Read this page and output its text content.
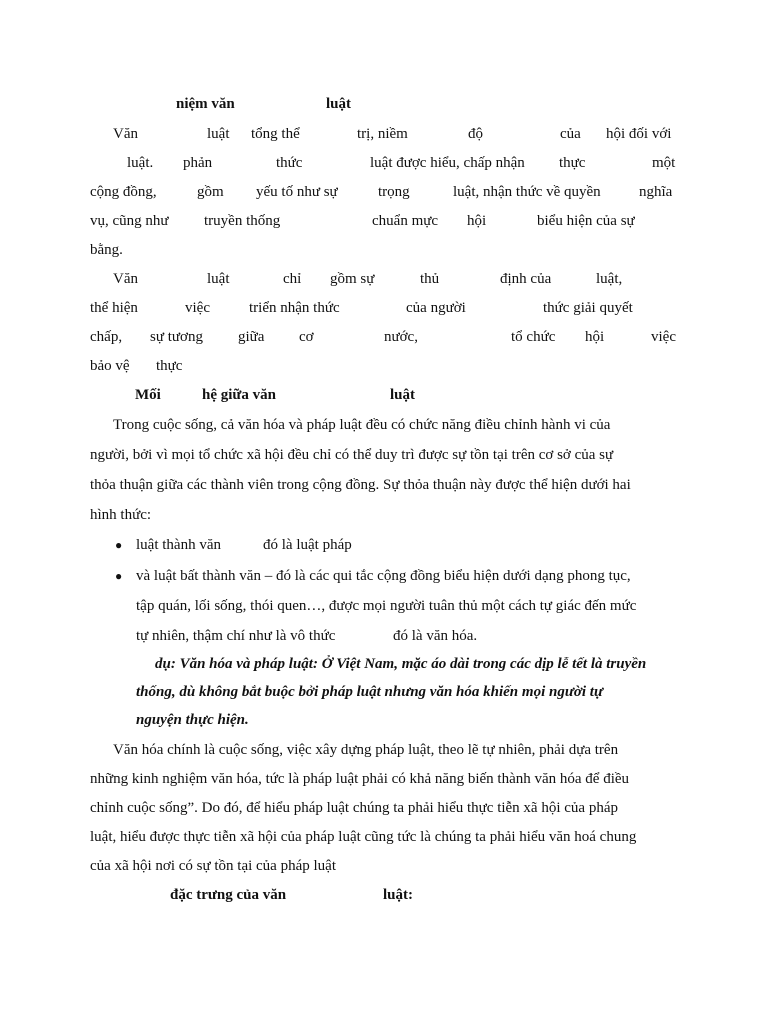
niệm văn	luật
Văn	luật tổng thể	trị, niềm	độ	của hội đối với
luật. phản	thức	luật được hiểu, chấp nhận thực	một
cộng đồng,	gồm yếu tố như sự	trọng	luật, nhận thức về quyền	nghĩa
vụ, cũng như truyền thống	chuẩn mực hội	biểu hiện của sự
bằng.
Văn	luật	chỉ gồm sự	thủ	định của	luật,
thể hiện	việc	triển nhận thức	của người	thức giải quyết
chấp, sự tương giữa cơ	nước,	tổ chức hội	việc
bảo vệ thực
Mối	hệ giữa văn	luật
Trong cuộc sống, cả văn hóa và pháp luật đều có chức năng điều chỉnh hành vi của
người, bởi vì mọi tổ chức xã hội đều chỉ có thể duy trì được sự tồn tại trên cơ sở của sự
thỏa thuận giữa các thành viên trong cộng đồng. Sự thỏa thuận này được thể hiện dưới hai
hình thức:
● luật thành văn	đó là luật pháp
● và luật bất thành văn – đó là các qui tắc cộng đồng biểu hiện dưới dạng phong tục,
tập quán, lối sống, thói quen…, được mọi người tuân thủ một cách tự giác đến mức
tự nhiên, thậm chí như là vô thức	đó là văn hóa.
dụ: Văn hóa và pháp luật: Ở Việt Nam, mặc áo dài trong các dịp lễ tết là truyền
thống, dù không bắt buộc bởi pháp luật nhưng văn hóa khiến mọi người tự
nguyện thực hiện.
Văn hóa chính là cuộc sống, việc xây dựng pháp luật, theo lẽ tự nhiên, phải dựa trên
những kinh nghiệm văn hóa, tức là pháp luật phải có khả năng biến thành văn hóa để điều
chỉnh cuộc sống”. Do đó, để hiểu pháp luật chúng ta phải hiểu thực tiễn xã hội của pháp
luật, hiểu được thực tiễn xã hội của pháp luật cũng tức là chúng ta phải hiểu văn hoá chung
của xã hội nơi có sự tồn tại của pháp luật
đặc trưng của văn	luật:
